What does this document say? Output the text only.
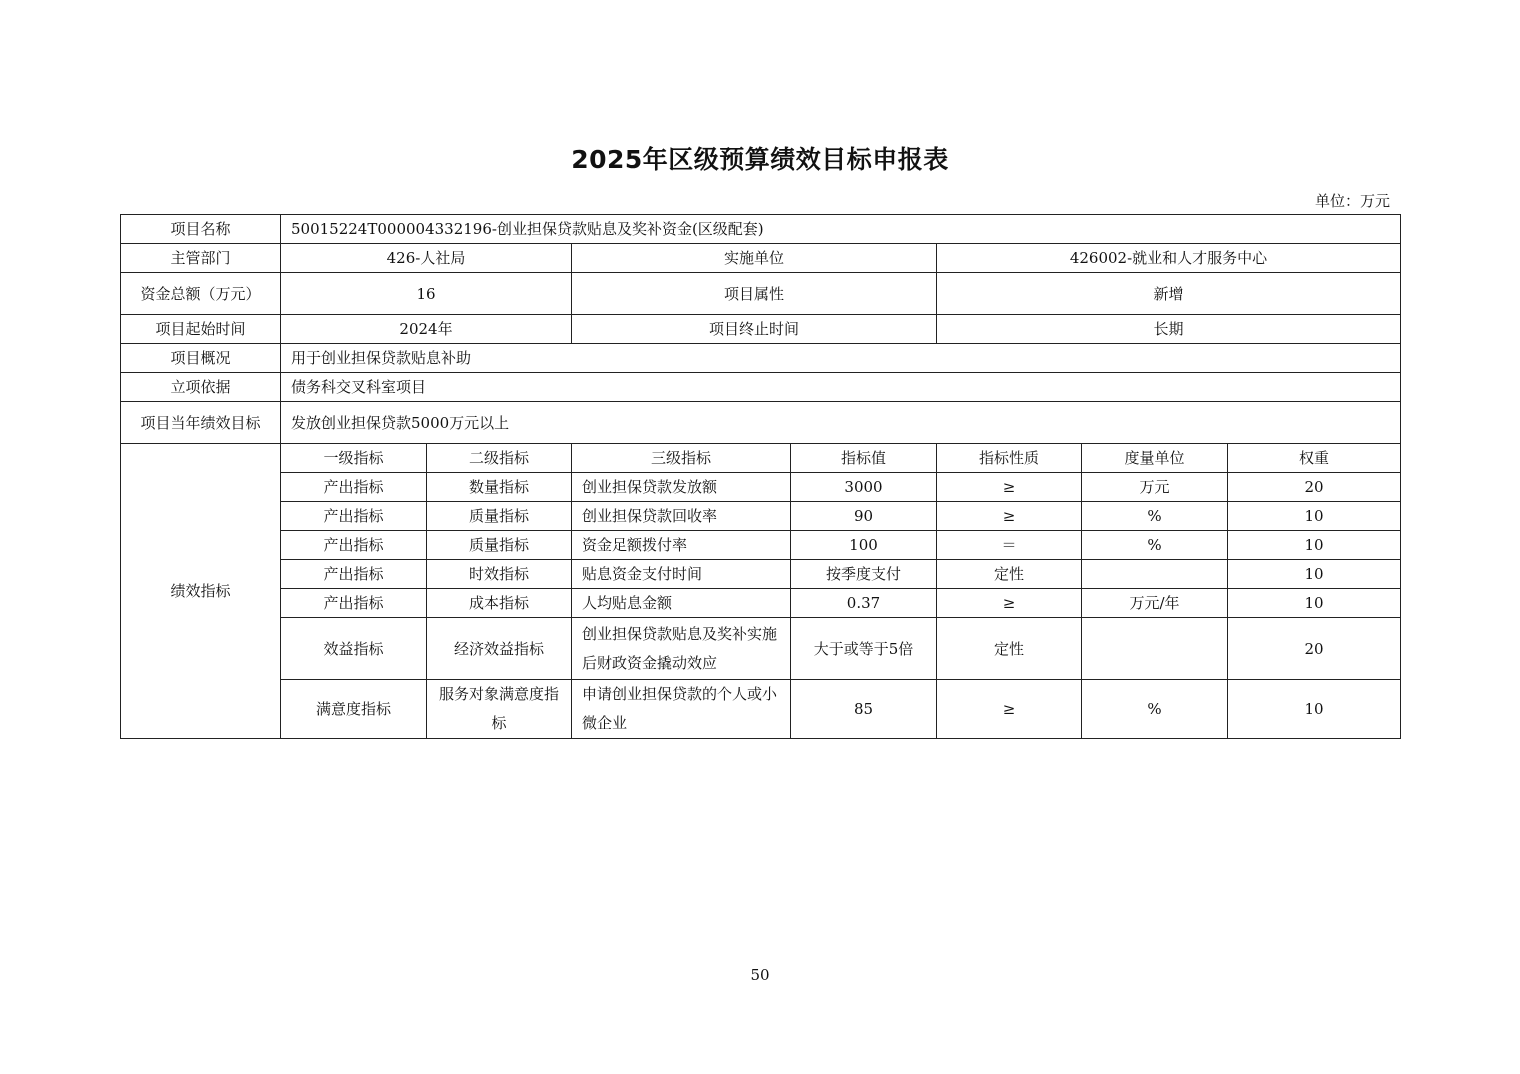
2025年区级预算绩效目标申报表
单位：万元
项目名称	50015224T000004332196-创业担保贷款贴息及奖补资金(区级配套)						
主管部门	426-人社局		实施单位		426002-就业和人才服务中心		
资金总额（万元）	16		项目属性		新增		
项目起始时间	2024年		项目终止时间		长期		
项目概况	用于创业担保贷款贴息补助						
立项依据	债务科交叉科室项目						
项目当年绩效目标	发放创业担保贷款5000万元以上						
绩效指标	一级指标	二级指标	三级指标	指标值	指标性质	度量单位	权重
	产出指标	数量指标	创业担保贷款发放额	3000	≥	万元	20
	产出指标	质量指标	创业担保贷款回收率	90	≥	%	10
	产出指标	质量指标	资金足额拨付率	100	＝	%	10
	产出指标	时效指标	贴息资金支付时间	按季度支付	定性		10
	产出指标	成本指标	人均贴息金额	0.37	≥	万元/年	10
	效益指标	经济效益指标	创业担保贷款贴息及奖补实施后财政资金撬动效应	大于或等于5倍	定性		20
	满意度指标	服务对象满意度指标	申请创业担保贷款的个人或小微企业	85	≥	%	10
50
